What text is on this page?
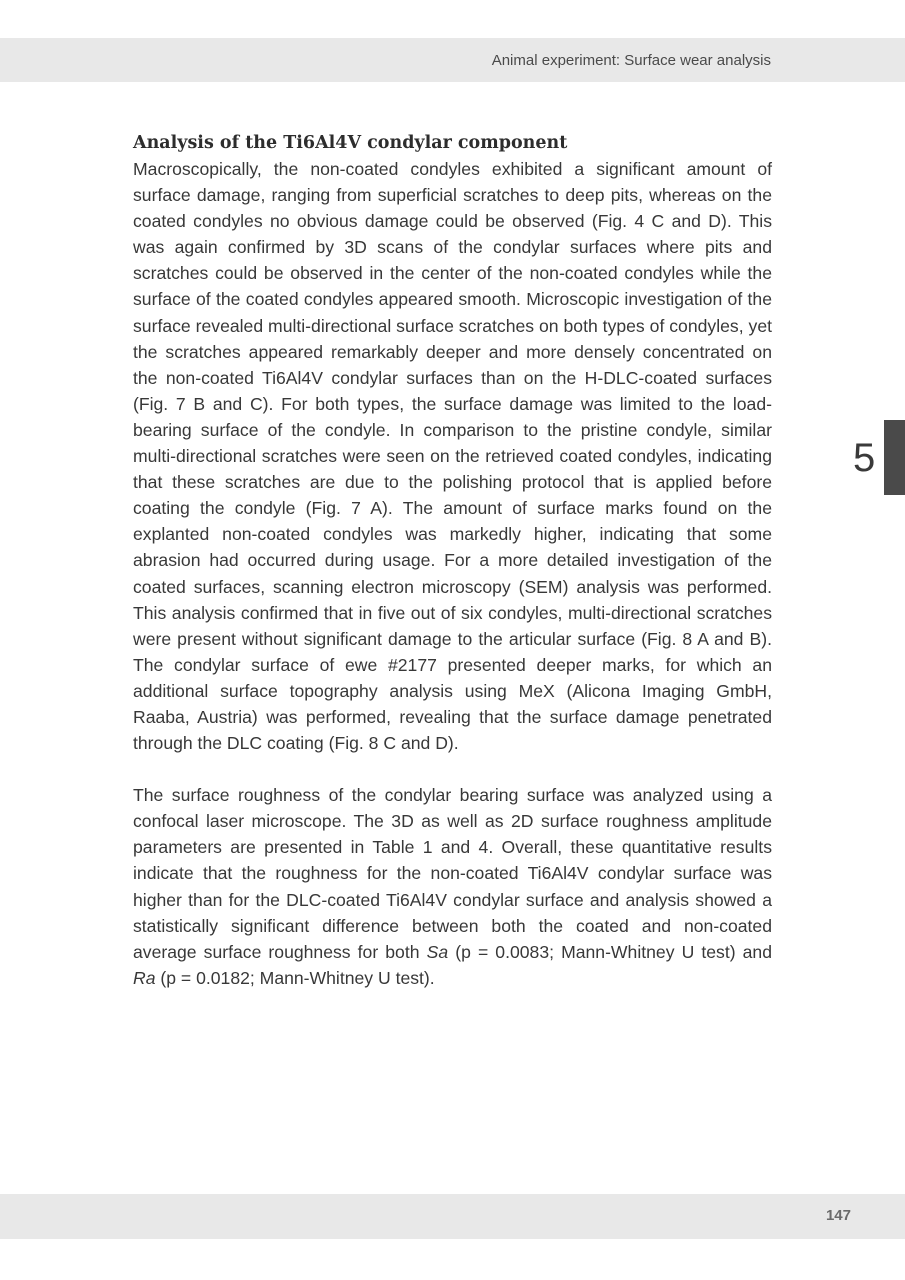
Animal experiment: Surface wear analysis
Analysis of the Ti6Al4V condylar component

Macroscopically, the non-coated condyles exhibited a significant amount of surface damage, ranging from superficial scratches to deep pits, whereas on the coated condyles no obvious damage could be observed (Fig. 4 C and D). This was again confirmed by 3D scans of the condylar surfaces where pits and scratches could be observed in the center of the non-coated condyles while the surface of the coated condyles appeared smooth. Microscopic investigation of the surface revealed multi-directional surface scratches on both types of condyles, yet the scratches appeared remarkably deeper and more densely concentrated on the non-coated Ti6Al4V condylar surfaces than on the H-DLC-coated surfaces (Fig. 7 B and C). For both types, the surface damage was limited to the load-bearing surface of the condyle. In comparison to the pristine condyle, similar multi-directional scratches were seen on the retrieved coated condyles, indicating that these scratches are due to the polishing protocol that is applied before coating the condyle (Fig. 7 A). The amount of surface marks found on the explanted non-coated condyles was markedly higher, indicating that some abrasion had occurred during usage. For a more detailed investigation of the coated surfaces, scanning electron microscopy (SEM) analysis was performed. This analysis confirmed that in five out of six condyles, multi-directional scratches were present without significant damage to the articular surface (Fig. 8 A and B). The condylar surface of ewe #2177 presented deeper marks, for which an additional surface topography analysis using MeX (Alicona Imaging GmbH, Raaba, Austria) was performed, revealing that the surface damage penetrated through the DLC coating (Fig. 8 C and D).

The surface roughness of the condylar bearing surface was analyzed using a confocal laser microscope. The 3D as well as 2D surface roughness amplitude parameters are presented in Table 1 and 4. Overall, these quantitative results indicate that the roughness for the non-coated Ti6Al4V condylar surface was higher than for the DLC-coated Ti6Al4V condylar surface and analysis showed a statistically significant difference between both the coated and non-coated average surface roughness for both Sa (p = 0.0083; Mann-Whitney U test) and Ra (p = 0.0182; Mann-Whitney U test).

5
147
